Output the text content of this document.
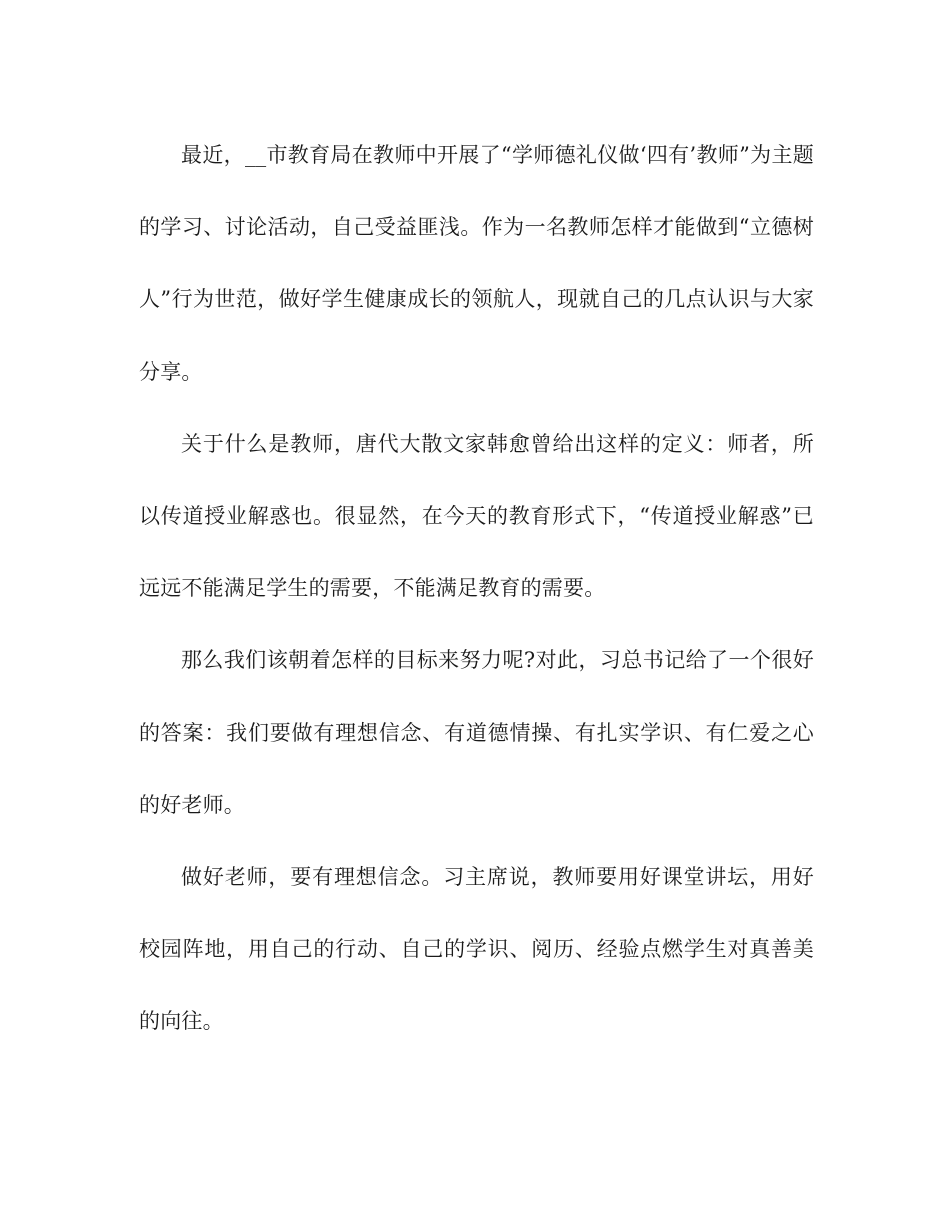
最近，__市教育局在教师中开展了“学师德礼仪做‘四有’教师”为主题的学习、讨论活动，自己受益匪浅。作为一名教师怎样才能做到“立德树人”行为世范，做好学生健康成长的领航人，现就自己的几点认识与大家分享。

关于什么是教师，唐代大散文家韩愈曾给出这样的定义：师者，所以传道授业解惑也。很显然，在今天的教育形式下，“传道授业解惑”已远远不能满足学生的需要，不能满足教育的需要。

那么我们该朝着怎样的目标来努力呢?对此，习总书记给了一个很好的答案：我们要做有理想信念、有道德情操、有扎实学识、有仁爱之心的好老师。

做好老师，要有理想信念。习主席说，教师要用好课堂讲坛，用好校园阵地，用自己的行动、自己的学识、阅历、经验点燃学生对真善美的向往。
